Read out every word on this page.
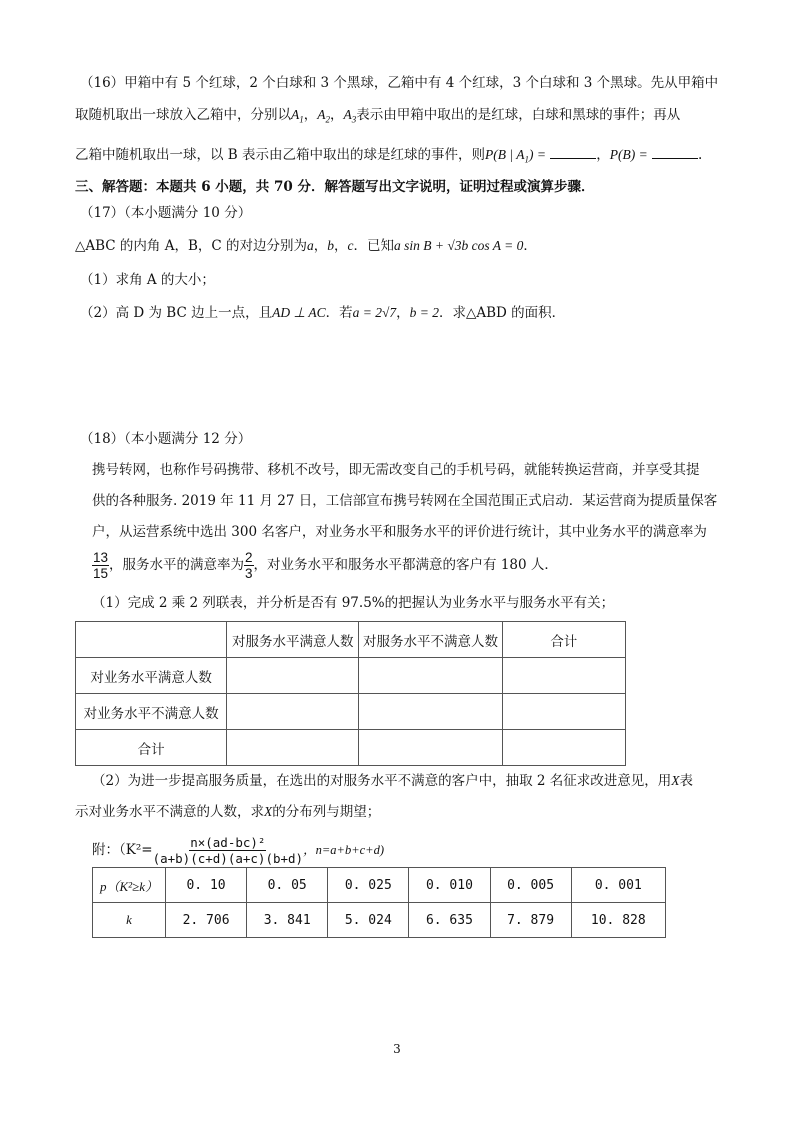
（16）甲箱中有 5 个红球，2 个白球和 3 个黑球，乙箱中有 4 个红球，3 个白球和 3 个黑球。先从甲箱中
取随机取出一球放入乙箱中，分别以$A_1$，$A_2$，$A_3$表示由甲箱中取出的是红球，白球和黑球的事件；再从
乙箱中随机取出一球，以 B 表示由乙箱中取出的球是红球的事件，则P(B | $A_1$) =	，P(B) =	.
三、解答题：本题共 6 小题，共 70 分．解答题写出文字说明，证明过程或演算步骤．
（17）（本小题满分 10 分）
△ABC 的内角 A，B，C 的对边分别为a，b，c．已知a sin B + √3b cos A = 0．
（1）求角 A 的大小；
（2）高 D 为 BC 边上一点，且AD ⊥ AC．若a = 2√7，b = 2．求△ABD 的面积．
（18）（本小题满分 12 分）
携号转网，也称作号码携带、移机不改号，即无需改变自己的手机号码，就能转换运营商，并享受其提
供的各种服务. 2019 年 11 月 27 日，工信部宣布携号转网在全国范围正式启动．某运营商为提质量保客
户，从运营系统中选出 300 名客户，对业务水平和服务水平的评价进行统计，其中业务水平的满意率为
$\frac{13}{15}$ ，服务水平的满意率为 $\frac{2}{3}$ ，对业务水平和服务水平都满意的客户有 180 人．
（1）完成 2 乘 2 列联表，并分析是否有 97.5%的把握认为业务水平与服务水平有关；
	对服务水平满意人数	对服务水平不满意人数	合计
对业务水平满意人数			
对业务水平不满意人数			
合计			
（2）为进一步提高服务质量，在选出的对服务水平不满意的客户中，抽取 2 名征求改进意见，用X表
示对业务水平不满意的人数，求X的分布列与期望；
附：（$K^2= \frac{\text{n×(ad-bc)²}}{(a+b)(c+d)(a+c)(b+d)}$ ，n=a+b+c+d)
p（K²≥k）	0. 10	0. 05	0. 025	0. 010	0. 005	0. 001
k	2. 706	3. 841	5. 024	6. 635	7. 879	10. 828
3
